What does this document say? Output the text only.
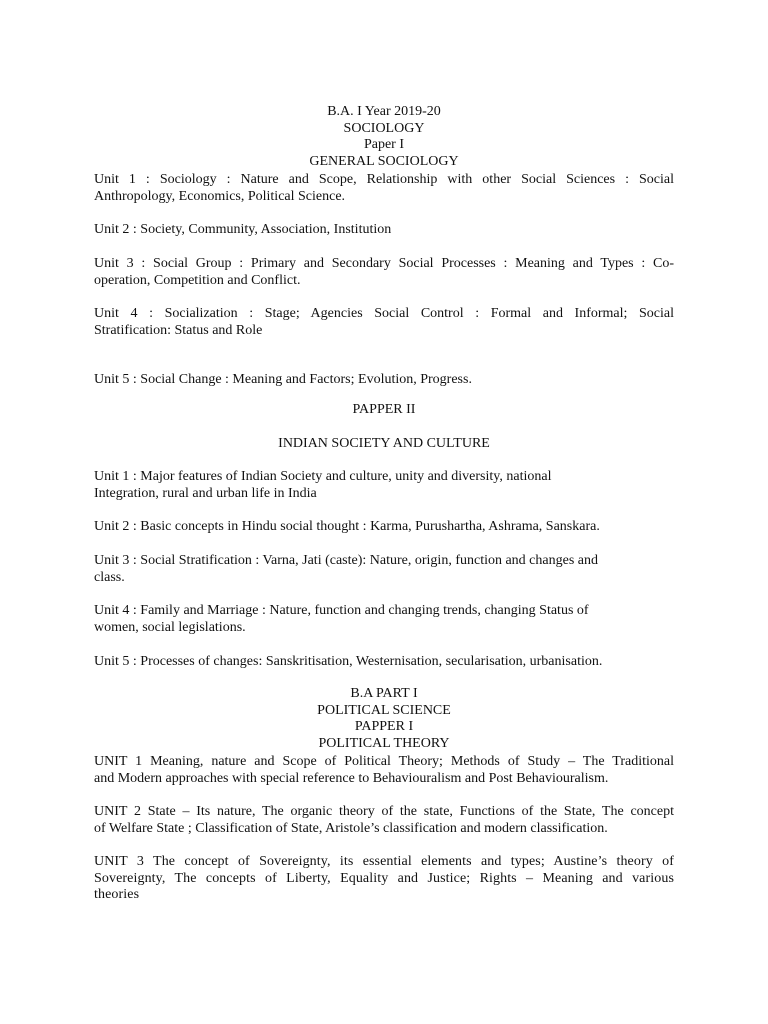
B.A. I Year 2019-20
SOCIOLOGY
Paper I
GENERAL SOCIOLOGY
Unit 1 : Sociology : Nature and Scope, Relationship with other Social Sciences : Social
Anthropology, Economics, Political Science.
Unit 2 : Society, Community, Association, Institution
Unit 3 : Social Group : Primary and Secondary Social Processes : Meaning and Types : Co-
operation, Competition and Conflict.
Unit 4 : Socialization : Stage; Agencies Social Control : Formal and Informal; Social
Stratification: Status and Role
Unit 5 : Social Change : Meaning and Factors; Evolution, Progress.
PAPPER II
INDIAN SOCIETY AND CULTURE
Unit 1 : Major features of Indian Society and culture, unity and diversity, national
Integration, rural and urban life in India
Unit 2 : Basic concepts in Hindu social thought : Karma, Purushartha, Ashrama, Sanskara.
Unit 3 : Social Stratification : Varna, Jati (caste): Nature, origin, function and changes and
class.
Unit 4 : Family and Marriage : Nature, function and changing trends, changing Status of
women, social legislations.
Unit 5 : Processes of changes: Sanskritisation, Westernisation, secularisation, urbanisation.
B.A PART I
POLITICAL SCIENCE
PAPPER I
POLITICAL THEORY
UNIT 1 Meaning, nature and Scope of Political Theory; Methods of Study – The Traditional
and Modern approaches with special reference to Behaviouralism and Post Behaviouralism.
UNIT 2 State – Its nature, The organic theory of the state, Functions of the State, The concept
of Welfare State ; Classification of State, Aristole’s classification and modern classification.
UNIT 3 The concept of Sovereignty, its essential elements and types; Austine’s theory of
Sovereignty, The concepts of Liberty, Equality and Justice; Rights – Meaning and various
theories
